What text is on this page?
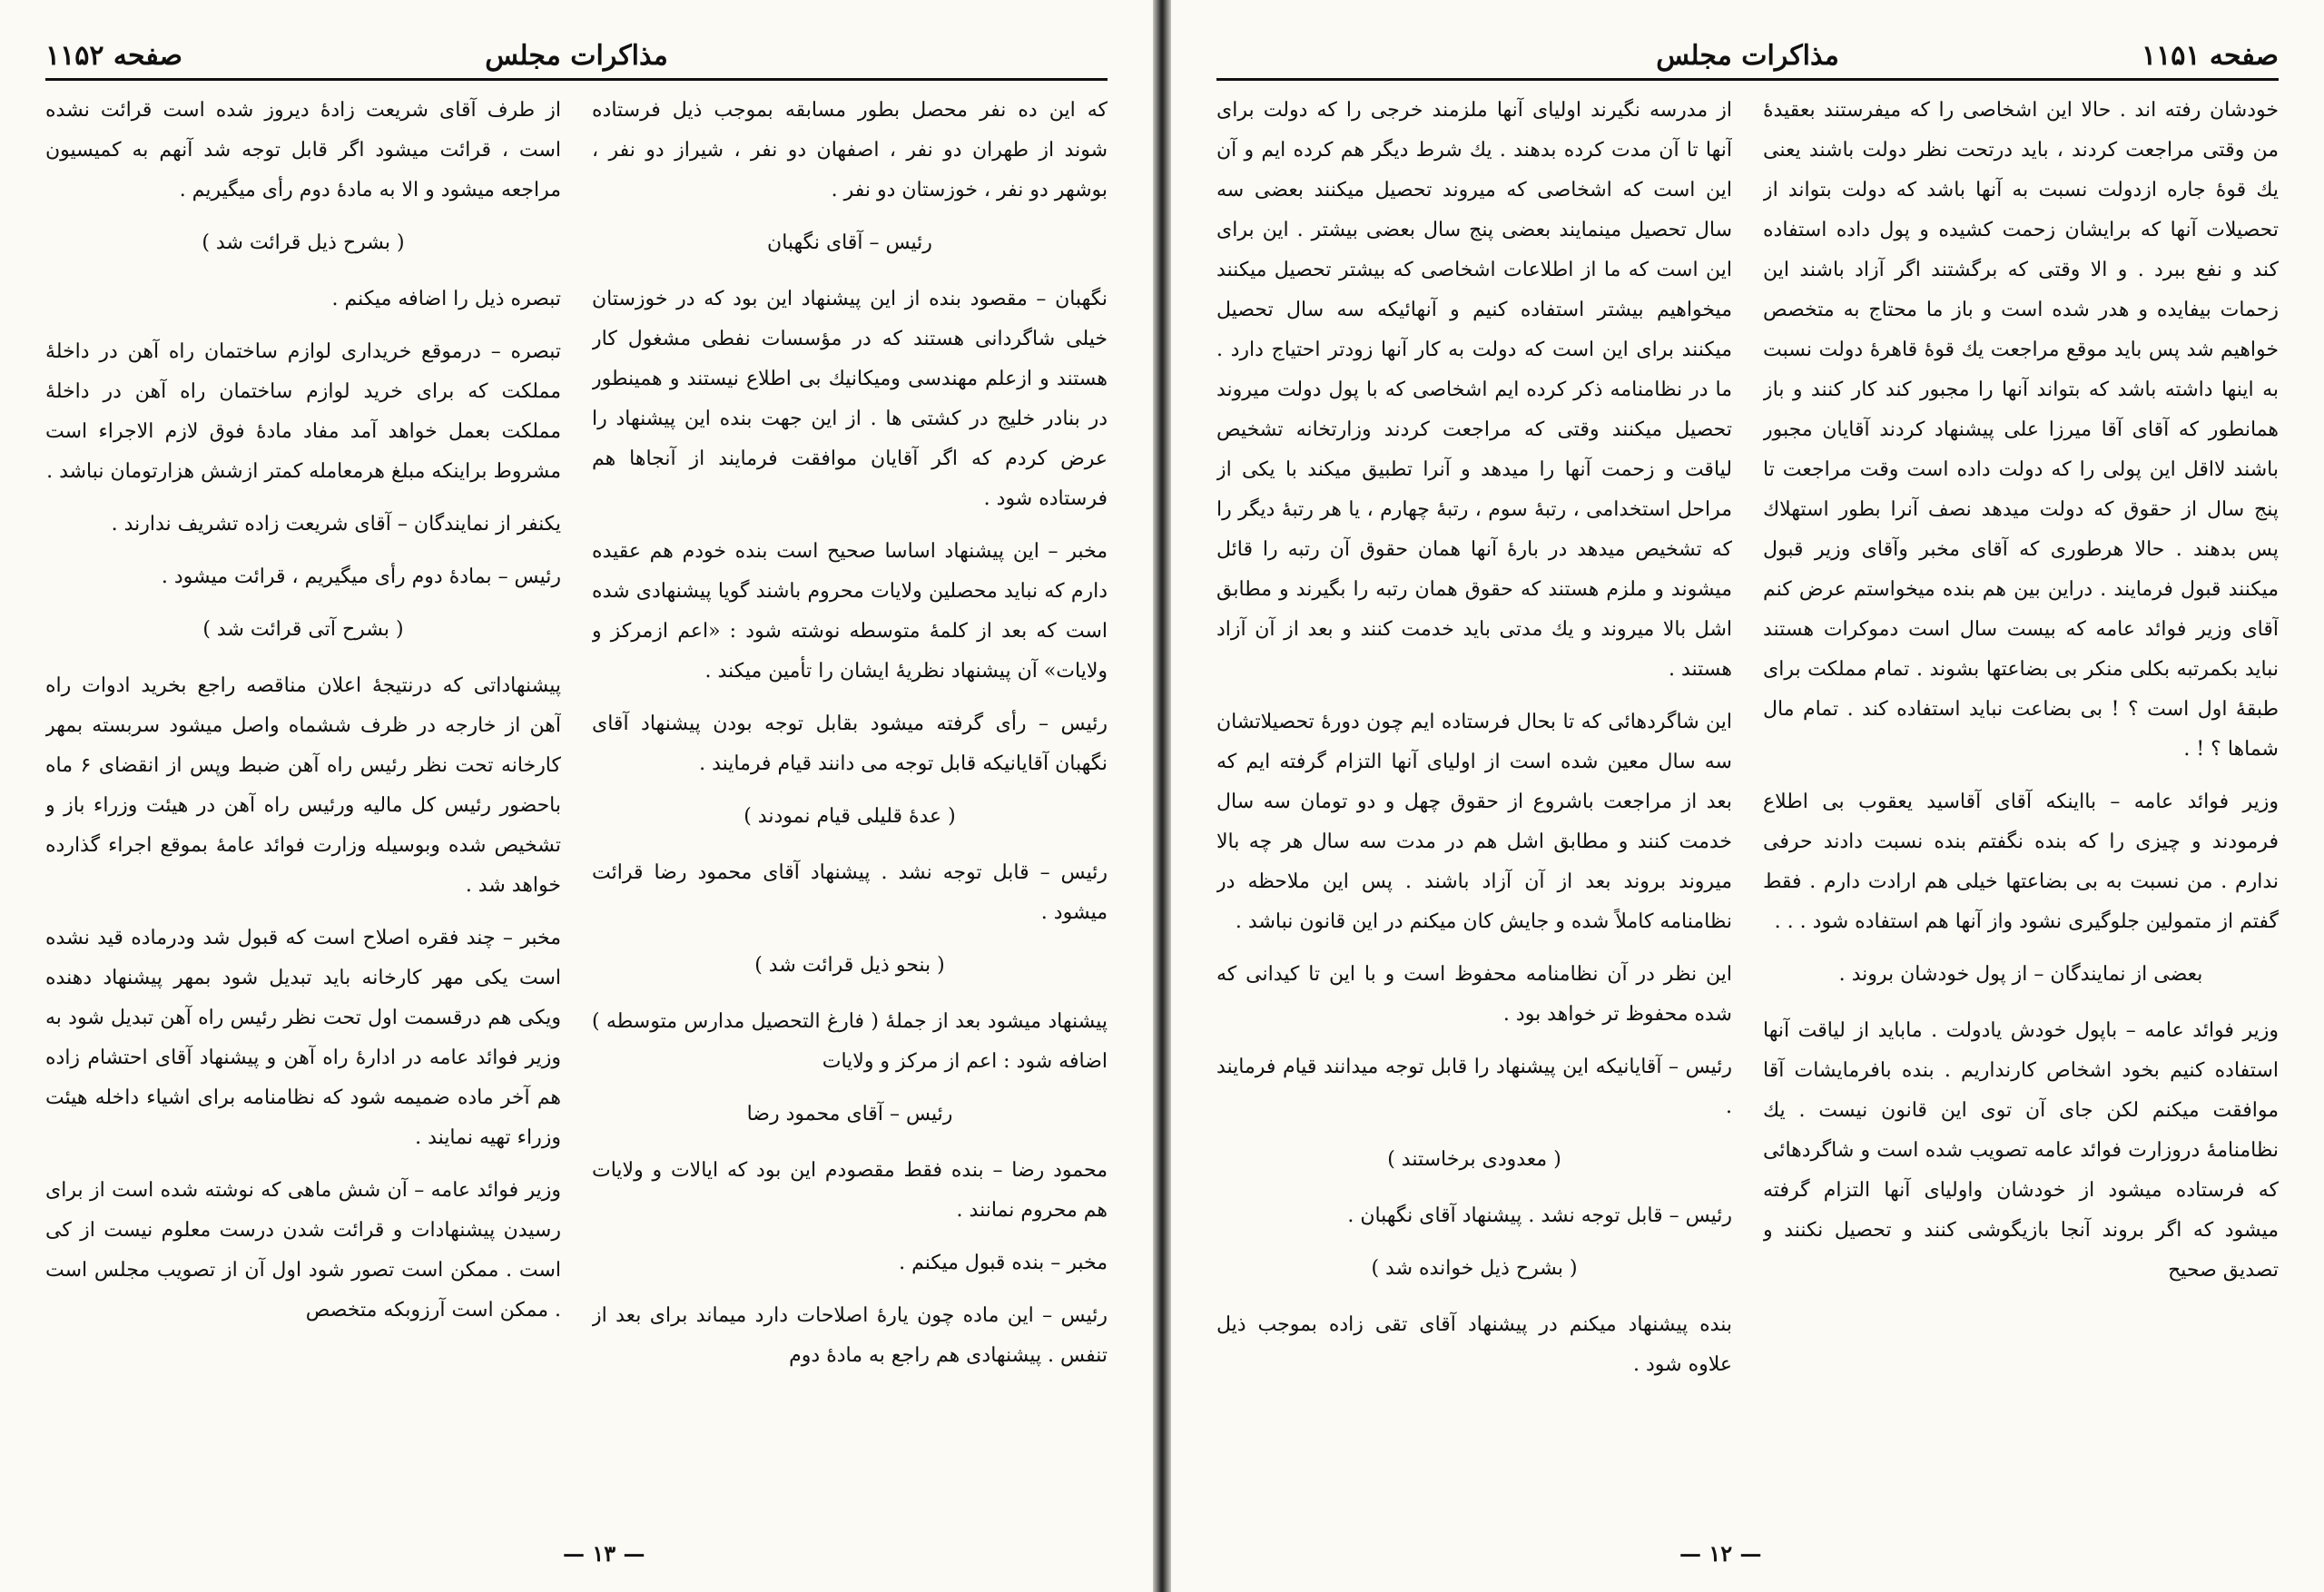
صفحه ۱۱۵۲	مذاكرات مجلس

كه این ده نفر محصل بطور مسابقه بموجب ذيل فرستاده شوند از طهران دو نفر ، اصفهان دو نفر ، شیراز دو نفر ، بوشهر دو نفر ، خوزستان دو نفر .

رئیس – آقای نگهبان

نگهبان – مقصود بنده از این پیشنهاد این بود كه در خوزستان خیلی شاگردانی هستند كه در مؤسسات نفطی مشغول كار هستند و ازعلم مهندسی ومیكانیك بی اطلاع نیستند و همینطور در بنادر خلیج در كشتی ها . از این جهت بنده این پیشنهاد را عرض كردم كه اگر آقایان موافقت فرمایند از آنجاها هم فرستاده شود .

مخبر – این پیشنهاد اساسا صحیح است بنده خودم هم عقیده دارم كه نباید محصلین ولایات محروم باشند گویا پیشنهادی شده است كه بعد از كلمهٔ متوسطه نوشته شود : «اعم ازمركز و ولایات» آن پیشنهاد نظریهٔ ایشان را تأمین میكند .

رئیس – رأی گرفته میشود بقابل توجه بودن پیشنهاد آقای نگهبان آقایانیكه قابل توجه می دانند قیام فرمایند .

( عدهٔ قلیلی قیام نمودند )

رئیس – قابل توجه نشد . پیشنهاد آقای محمود رضا قرائت میشود .

( بنحو ذیل قرائت شد )

پیشنهاد میشود بعد از جملهٔ ( فارغ التحصیل مدارس متوسطه ) اضافه شود : اعم از مركز و ولایات

رئیس – آقای محمود رضا

محمود رضا – بنده فقط مقصودم این بود كه ایالات و ولایات هم محروم نمانند .

مخبر – بنده قبول میكنم .

رئیس – این ماده چون یارهٔ اصلاحات دارد میماند برای بعد از تنفس . پیشنهادی هم راجع به مادهٔ دوم

از طرف آقای شریعت زادهٔ دیروز شده است قرائت نشده است ، قرائت میشود اگر قابل توجه شد آنهم به كمیسیون مراجعه میشود و الا به مادهٔ دوم رأی میگیریم .

( بشرح ذیل قرائت شد )

تبصره ذیل را اضافه میكنم .

تبصره – درموقع خریداری لوازم ساختمان راه آهن در داخلهٔ مملكت كه برای خرید لوازم ساختمان راه آهن در داخلهٔ مملكت بعمل خواهد آمد مفاد مادهٔ فوق لازم الاجراء است مشروط براینكه مبلغ هرمعامله كمتر ازشش هزارتومان نباشد .

یكنفر از نمایندگان – آقای شریعت زاده تشریف ندارند .

رئیس – بمادهٔ دوم رأی میگیریم ، قرائت میشود .

( بشرح آتی قرائت شد )

پیشنهاداتی كه درنتیجهٔ اعلان مناقصه راجع بخرید ادوات راه آهن از خارجه در ظرف ششماه واصل میشود سربسته بمهر كارخانه تحت نظر رئیس راه آهن ضبط وپس از انقضای ۶ ماه باحضور رئیس كل مالیه ورئیس راه آهن در هیئت وزراء باز و تشخیص شده وبوسیله وزارت فوائد عامهٔ بموقع اجراء گذارده خواهد شد .

مخبر – چند فقره اصلاح است كه قبول شد ودرماده قید نشده است یكی مهر كارخانه باید تبدیل شود بمهر پیشنهاد دهنده ویكی هم درقسمت اول تحت نظر رئیس راه آهن تبدیل شود به وزیر فوائد عامه در ادارهٔ راه آهن و پیشنهاد آقای احتشام زاده هم آخر ماده ضمیمه شود كه نظامنامه برای اشیاء داخله هیئت وزراء تهیه نمایند .

وزیر فوائد عامه – آن شش ماهی كه نوشته شده است از برای رسیدن پیشنهادات و قرائت شدن درست معلوم نیست از كی است . ممكن است تصور شود اول آن از تصویب مجلس است . ممكن است آرزوبكه متخصص

— ۱۳ —
مذاكرات مجلس	صفحه ۱۱۵۱

خودشان رفته اند . حالا این اشخاصی را كه میفرستند بعقیدهٔ من وقتی مراجعت كردند ، باید درتحت نظر دولت باشند یعنی یك قوهٔ جاره ازدولت نسبت به آنها باشد كه دولت بتواند از تحصیلات آنها كه برایشان زحمت كشیده و پول داده استفاده كند و نفع ببرد . و الا وقتی كه برگشتند اگر آزاد باشند این زحمات بیفایده و هدر شده است و باز ما محتاج به متخصص خواهیم شد پس باید موقع مراجعت یك قوهٔ قاهرهٔ دولت نسبت به اینها داشته باشد كه بتواند آنها را مجبور كند كار كنند و باز همانطور كه آقای آقا میرزا علی پیشنهاد كردند آقایان مجبور باشند لااقل این پولی را كه دولت داده است وقت مراجعت تا پنج سال از حقوق كه دولت میدهد نصف آنرا بطور استهلاك پس بدهند . حالا هرطوری كه آقای مخبر وآقای وزیر قبول میكنند قبول فرمایند . دراین بین هم بنده میخواستم عرض كنم آقای وزیر فوائد عامه كه بیست سال است دموكرات هستند نباید بكمرتبه بكلی منكر بی بضاعتها بشوند . تمام مملكت برای طبقهٔ اول است ؟ ! بی بضاعت نباید استفاده كند . تمام مال شماها ؟ ! .

وزیر فوائد عامه – بااینكه آقای آقاسید یعقوب بی اطلاع فرمودند و چیزی را كه بنده نگفتم بنده نسبت دادند حرفی ندارم . من نسبت به بی بضاعتها خیلی هم ارادت دارم . فقط گفتم از متمولین جلوگیری نشود واز آنها هم استفاده شود . . .

بعضی از نمایندگان – از پول خودشان بروند .

وزیر فوائد عامه – باپول خودش یادولت . ماباید از لیاقت آنها استفاده كنیم بخود اشخاص كارنداریم . بنده بافرمایشات آقا موافقت میكنم لكن جای آن توی این قانون نیست . یك نظامنامهٔ دروزارت فوائد عامه تصویب شده است و شاگردهائی كه فرستاده میشود از خودشان واولیای آنها التزام گرفته میشود كه اگر بروند آنجا بازیگوشی كنند و تحصیل نكنند و تصدیق صحیح

از مدرسه نگیرند اولیای آنها ملزمند خرجی را كه دولت برای آنها تا آن مدت كرده بدهند . یك شرط دیگر هم كرده ایم و آن این است كه اشخاصی كه میروند تحصیل میكنند بعضی سه سال تحصیل مینمایند بعضی پنج سال بعضی بیشتر . این برای این است كه ما از اطلاعات اشخاصی كه بیشتر تحصیل میكنند میخواهیم بیشتر استفاده كنیم و آنهائیكه سه سال تحصیل میكنند برای این است كه دولت به كار آنها زودتر احتیاج دارد . ما در نظامنامه ذكر كرده ایم اشخاصی كه با پول دولت میروند تحصیل میكنند وقتی كه مراجعت كردند وزارتخانه تشخیص لیاقت و زحمت آنها را میدهد و آنرا تطبیق میكند با یكی از مراحل استخدامی ، رتبهٔ سوم ، رتبهٔ چهارم ، یا هر رتبهٔ دیگر را كه تشخیص میدهد در بارهٔ آنها همان حقوق آن رتبه را قائل میشوند و ملزم هستند كه حقوق همان رتبه را بگیرند و مطابق اشل بالا میروند و یك مدتی باید خدمت كنند و بعد از آن آزاد هستند .

این شاگردهائی كه تا بحال فرستاده ایم چون دورهٔ تحصیلاتشان سه سال معین شده است از اولیای آنها التزام گرفته ایم كه بعد از مراجعت باشروع از حقوق چهل و دو تومان سه سال خدمت كنند و مطابق اشل هم در مدت سه سال هر چه بالا میروند بروند بعد از آن آزاد باشند . پس این ملاحظه در نظامنامه كاملاً شده و جایش كان میكنم در این قانون نباشد .

این نظر در آن نظامنامه محفوظ است و با این تا كیدانی كه شده محفوظ تر خواهد بود .

رئیس – آقایانیكه این پیشنهاد را قابل توجه میدانند قیام فرمایند .

( معدودی برخاستند )

رئیس – قابل توجه نشد . پیشنهاد آقای نگهبان .

( بشرح ذیل خوانده شد )

بنده پیشنهاد میكنم در پیشنهاد آقای تقی زاده بموجب ذیل علاوه شود .

— ۱۲ —
